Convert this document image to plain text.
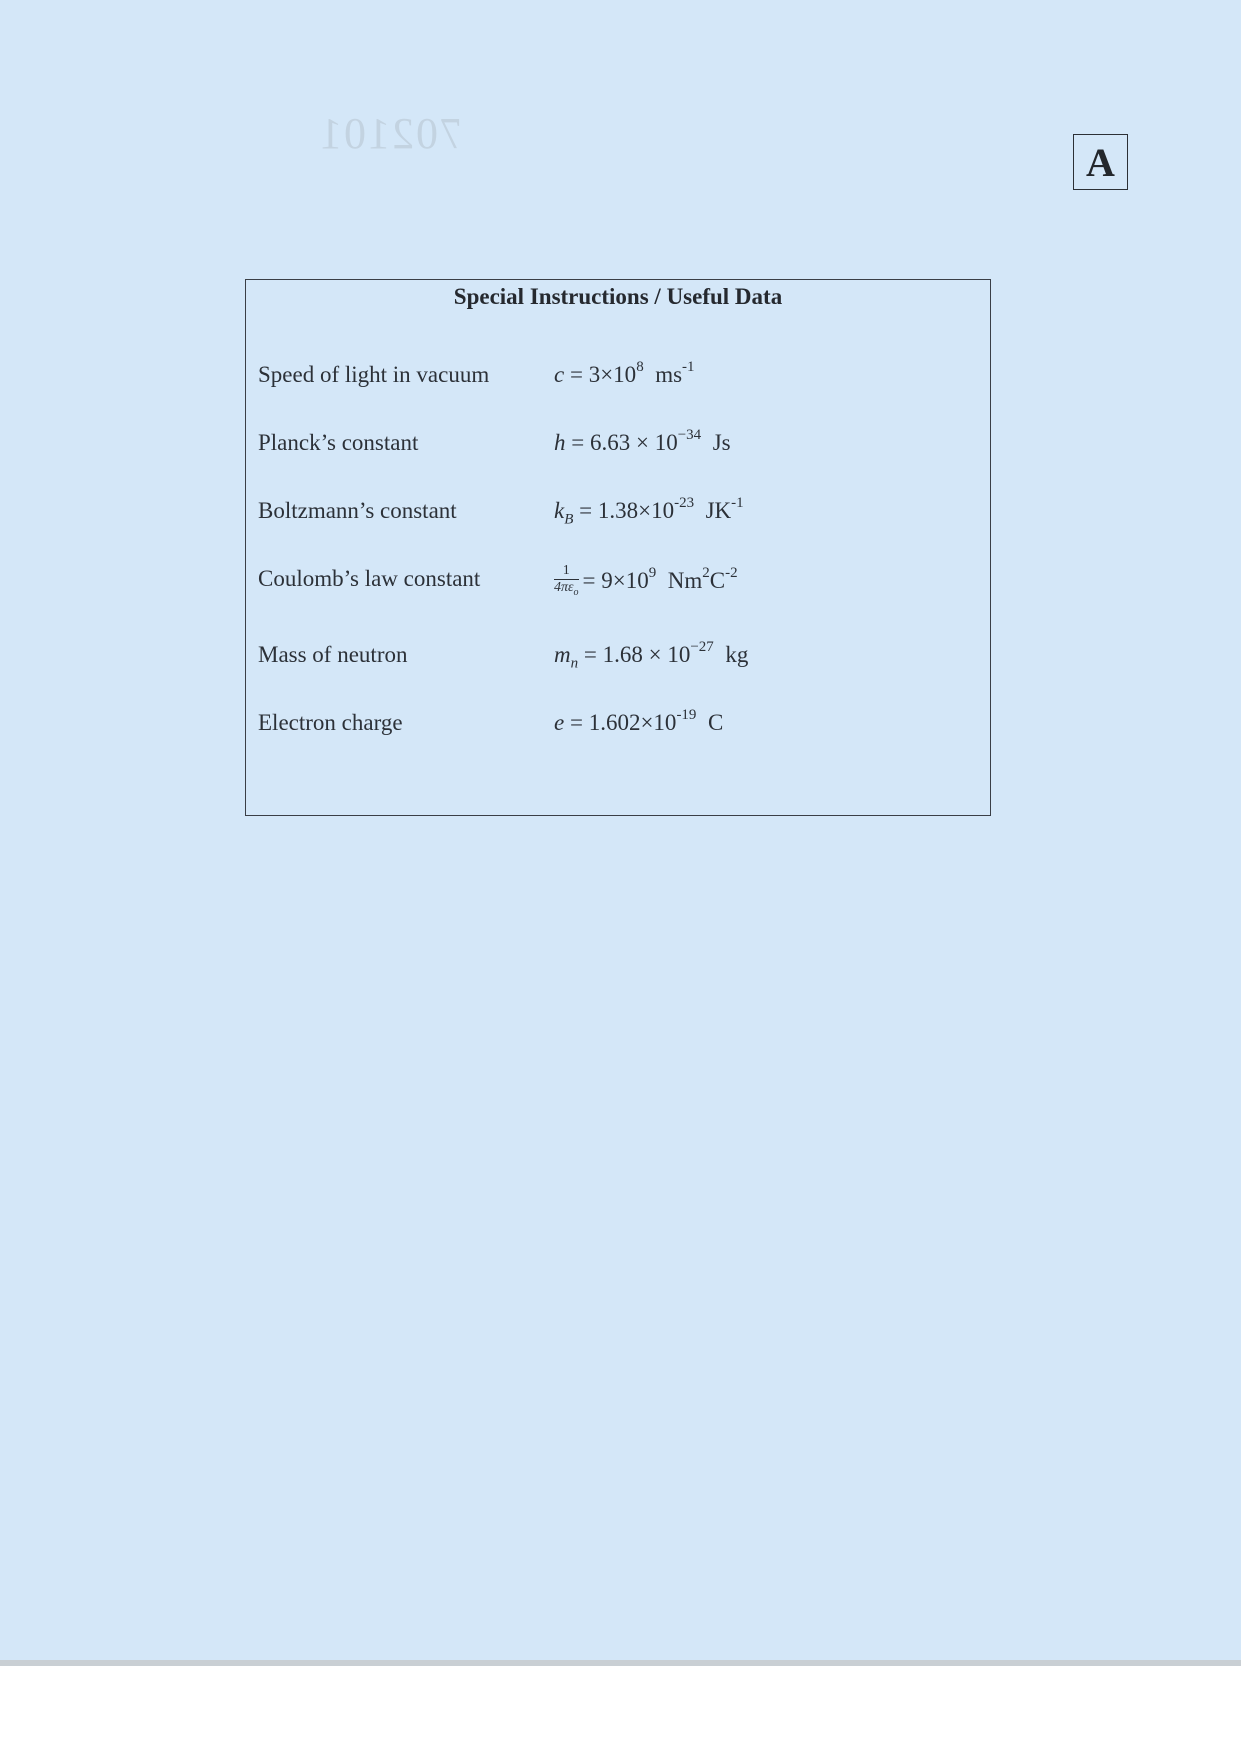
702101
A
Special Instructions / Useful Data
Speed of light in vacuum	$c = 3\times 10^8$ $ms^{-1}$
Planck’s constant	$h = 6.63 \times 10^{-34}$ Js
Boltzmann’s constant	$k_B = 1.38\times 10^{-23}$ $JK^{-1}$
Coulomb’s law constant	$\frac{1}{4\pi\varepsilon_o} = 9\times 10^9$ $Nm^2C^{-2}$
Mass of neutron	$m_n = 1.68 \times 10^{-27}$ kg
Electron charge	$e = 1.602\times 10^{-19}$ C
